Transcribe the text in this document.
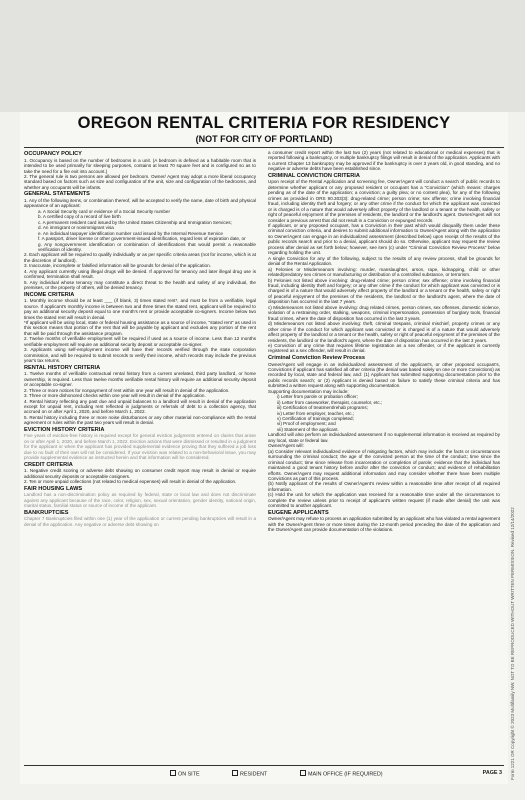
OREGON RENTAL CRITERIA FOR RESIDENCY
(NOT FOR CITY OF PORTLAND)
OCCUPANCY POLICY
1. Occupancy is based on the number of bedrooms in a unit. (A bedroom is defined as a habitable room that is intended to be used primarily for sleeping purposes, contains at least 70 square feet and is configured so as to take the need for a fire exit into account.)
2. The general rule is two persons are allowed per bedroom. Owner/ Agent may adopt a more liberal occupancy standard based on factors such as size and configuration of the unit, size and configuration of the bedrooms, and whether any occupants will be infants.
GENERAL STATEMENTS
1. Any of the following items, or combination thereof, will be accepted to verify the name, date of birth and physical appearance of an applicant:
a. A Social Security card or evidence of a Social Security number
b. A certified copy of a record of live birth
c. A permanent resident card issued by the United States Citizenship and Immigration Services;
d. An immigrant or nonimmigrant visa
e. An individual taxpayer identification number card issued by the Internal Revenue Service
f. A passport, driver license or other government-issued identification, regard less of expiration date, or
g. Any nongovernment identification or combination of identifications that would permit a reasonable verification of identity.
2. Each applicant will be required to qualify individually or as per specific criteria areas (not for income, which is at the discretion of landlord).
3. Inaccurate, incomplete or falsified information will be grounds for denial of the application.
4. Any applicant currently using illegal drugs will be denied. If approved for tenancy and later illegal drug use is confirmed, termination shall result.
5. Any individual whose tenancy may constitute a direct threat to the health and safety of any individual, the premises, or the property of others, will be denied tenancy.
INCOME CRITERIA
1. Monthly income should be at least ___ (if blank, 3) times stated rent*, and must be from a verifiable, legal source. If applicant's monthly income is between two and three times the stated rent, applicant will be required to pay an additional security deposit equal to one month's rent or provide acceptable co-signers. Income below two times the stated rent will result in denial.
*If applicant will be using local, state or federal housing assistance as a source of income, "stated rent" as used in this section means that portion of the rent that will be payable by applicant and excludes any portion of the rent that will be paid through the assistance program.
2. Twelve months of verifiable employment will be required if used as a source of income. Less than 12 months verifiable employment will require an additional security deposit or acceptable co-signer.
3. Applicants using self-employment income will have their records verified through the state corporation commission, and will be required to submit records to verify their income, which records may include the previous year's tax returns.
RENTAL HISTORY CRITERIA
1. Twelve months of verifiable contractual rental history from a current unrelated, third party landlord, or home ownership, is required. Less than twelve months verifiable rental history will require an additional security deposit or acceptable co-signer.
2. Three or more notices for nonpayment of rent within one year will result in denial of the application.
3. Three or more dishonored checks within one year will result in denial of the application.
4. Rental history reflecting any past due and unpaid balances to a landlord will result in denial of the application except for unpaid rent, including rent reflected in judgments or referrals of debt to a collection agency, that accrued on or after April 1, 2020, and before March 1, 2022.
5. Rental history including three or more noise disturbances or any other material non-compliance with the rental agreement or rules within the past two years will result in denial.
EVICTION HISTORY CRITERIA
Five years of eviction-free history is required except for general eviction judgments entered on claims that arose on or after April 1, 2020, and before March 1, 2022. Eviction actions that were dismissed or resulted in a judgment for the applicant or when the applicant has provided supplemental evidence proving that they suffered a job loss due to no fault of their own will not be considered. If your eviction was related to a non-behavioral issue, you may provide supplemental evidence as instructed herein and that information will be considered.
CREDIT CRITERIA
1. Negative credit scoring or adverse debt showing on consumer credit report may result in denial or require additional security deposits or acceptable cosigners.
2. Ten or more unpaid collections (not related to medical expenses) will result in denial of the application.
FAIR HOUSING LAWS
Landlord has a non-discrimination policy as required by federal, state or local law and does not discriminate against any applicant because of the race, color, religion, sex, sexual orientation, gender identity, national origin, marital status, familial status or source of income of the applicant.
BANKRUPTCIES
Chapter 7 Bankruptcies filed within one (1) year of the application or current pending bankruptcies will result in a denial of the application. Any negative or adverse debt showing on
a consumer credit report within the last two (2) years (not related to educational or medical expenses) that is reported following a bankruptcy, or multiple bankruptcy filings will result in denial of the application. Applicants with a current Chapter 13 bankruptcy may be approved if the bankruptcy is over 3 years old, in good standing, and no negative or adverse debts have been established since.
CRIMINAL CONVICTION CRITERIA
Upon receipt of the Rental Application and screening fee, Owner/Agent will conduct a search of public records to determine whether applicant or any proposed resident or occupant has a "Conviction" (which means: charges pending as of the date of the application; a conviction; a guilty plea; or no contest plea), for any of the following crimes as provided in ORS 90.303(3): drug-related crime; person crime; sex offense; crime involving financial fraud, including identity theft and forgery; or any other crime if the conduct for which the applicant was convicted or is charged is of a nature that would adversely affect property of the landlord or a tenant or the health, safety or right of peaceful enjoyment of the premises of residents, the landlord or the landlord's agent. Owner/Agent will not consider a previous arrest that did not result in a Conviction or expunged records.
If applicant, or any proposed occupant, has a Conviction in their past which would disqualify them under these criminal conviction criteria, and desires to submit additional information to Owner/Agent along with the application so Owner/Agent can engage in an individualized assessment (described below) upon receipt of the results of the public records search and prior to a denial, applicant should do so. Otherwise, applicant may request the review process after denial as set forth below; however, see item (c) under "Criminal Conviction Review Process" below regarding holding the unit.
A single Conviction for any of the following, subject to the results of any review process, shall be grounds for denial of the Rental Application.
a) Felonies or Misdemeanors involving: murder, manslaughter, arson, rape, kidnapping, child or other related/predatory sex crimes or manufacturing or distribution of a controlled substance, or terrorism.
b) Felonies not listed above involving: drug-related crime; person crime; sex offense; crime involving financial fraud, including identity theft and forgery; or any other crime if the conduct for which applicant was convicted or is charged is of a nature that would adversely affect property of the landlord or a tenant or the health, safety or right of peaceful enjoyment of the premises of the residents, the landlord or the landlord's agent, where the date of disposition has occurred in the last 7 years.
c) Misdemeanors not listed above involving: drug related crimes, person crimes, sex offenses, domestic violence, violation of a restraining order, stalking, weapons, criminal impersonation, possession of burglary tools, financial fraud crimes, where the date of disposition has occurred in the last 3 years.
d) Misdemeanors not listed above involving: theft, criminal trespass, criminal mischief, property crimes or any other crime if the conduct for which applicant was convicted or is charged is of a nature that would adversely affect property of the landlord or a tenant or the health, safety or right of peaceful enjoyment of the premises of the residents, the landlord or the landlord's agent, where the date of disposition has occurred in the last 3 years.
e) Conviction of any crime that requires lifetime registration as a sex offender, or if the applicant is currently registered as a sex offender, will result in denial.
Criminal Conviction Review Process
Owner/Agent will engage in an individualized assessment of the applicant's, or other proposed occupant's, Convictions if applicant has satisfied all other criteria (the denial was based solely on one or more Convictions) as recorded by local, state and federal law, and: (1) Applicant has submitted supporting documentation prior to the public records search; or (2) Applicant is denied based on failure to satisfy these criminal criteria and has submitted a written request along with supporting documentation.
Supporting documentation may include:
i) Letter from parole or probation officer;
ii) Letter from caseworker, therapist, counselor, etc.;
iii) Certification of treatment/rehab programs;
iv) Letter from employer, teacher, etc.;
v) Certification of trainings completed;
vi) Proof of employment; and
vii) Statement of the applicant.
Landlord will also perform an individualized assessment if no supplemental information is received as required by any local, state or federal law.
Owner/Agent will:
(a) Consider relevant individualized evidence of mitigating factors, which may include: the facts or circumstances surrounding the criminal conduct; the age of the convicted person at the time of the conduct; time since the criminal conduct; time since release from incarceration or completion of parole; evidence that the individual has maintained a good tenant history before and/or after the conviction or conduct; and evidence of rehabilitation efforts. Owner/Agent may request additional information and may consider whether there have been multiple Convictions as part of this process.
(b) Notify applicant of the results of Owner/Agent's review within a reasonable time after receipt of all required information.
(c) Hold the unit for which the application was received for a reasonable time under all the circumstances to complete the review unless prior to receipt of applicant's written request (if made after denial) the unit was committed to another applicant.
EUGENE APPLICANTS
Owner/Agent may refuse to process an application submitted by an applicant who has violated a rental agreement with the Owner/Agent three or more times during the 12-month period preceding the date of the application and the Owner/Agent can provide documentation of the violations.
ON SITE	RESIDENT	MAIN OFFICE (IF REQUIRED)	PAGE 3 Form 1221 OR Copyright © 2023 Multifamily NW. NOT TO BE REPRODUCED WITHOUT WRITTEN PERMISSION. Revised 12/14/2022
